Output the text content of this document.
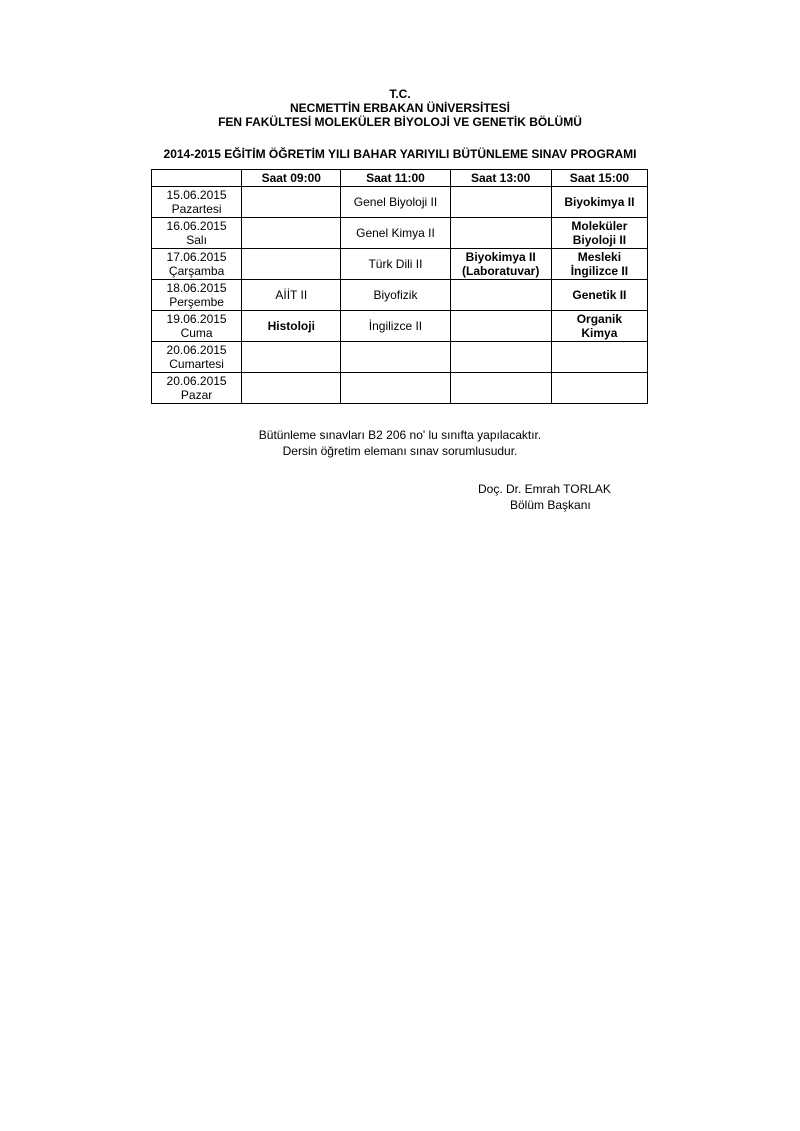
T.C.
NECMETTİN ERBAKAN ÜNİVERSİTESİ
FEN FAKÜLTESİ MOLEKÜLER BİYOLOJİ VE GENETİK BÖLÜMÜ
2014-2015 EĞİTİM ÖĞRETİM YILI BAHAR YARIYILI BÜTÜNLEME SINAV PROGRAMI
	Saat 09:00	Saat 11:00	Saat 13:00	Saat 15:00

15.06.2015
Pazartesi		Genel Biyoloji II		Biyokimya II

16.06.2015
Salı		Genel Kimya II		Moleküler
Biyoloji II

17.06.2015
Çarşamba		Türk Dili II	Biyokimya II
(Laboratuvar)	Mesleki
İngilizce II

18.06.2015
Perşembe	AİİT II	Biyofizik		Genetik II

19.06.2015
Cuma	Histoloji	İngilizce II		Organik
Kimya

20.06.2015
Cumartesi				

20.06.2015
Pazar				

Bütünleme sınavları B2 206 no' lu sınıfta yapılacaktır.
Dersin öğretim elemanı sınav sorumlusudur.
Doç. Dr. Emrah TORLAK
Bölüm Başkanı
